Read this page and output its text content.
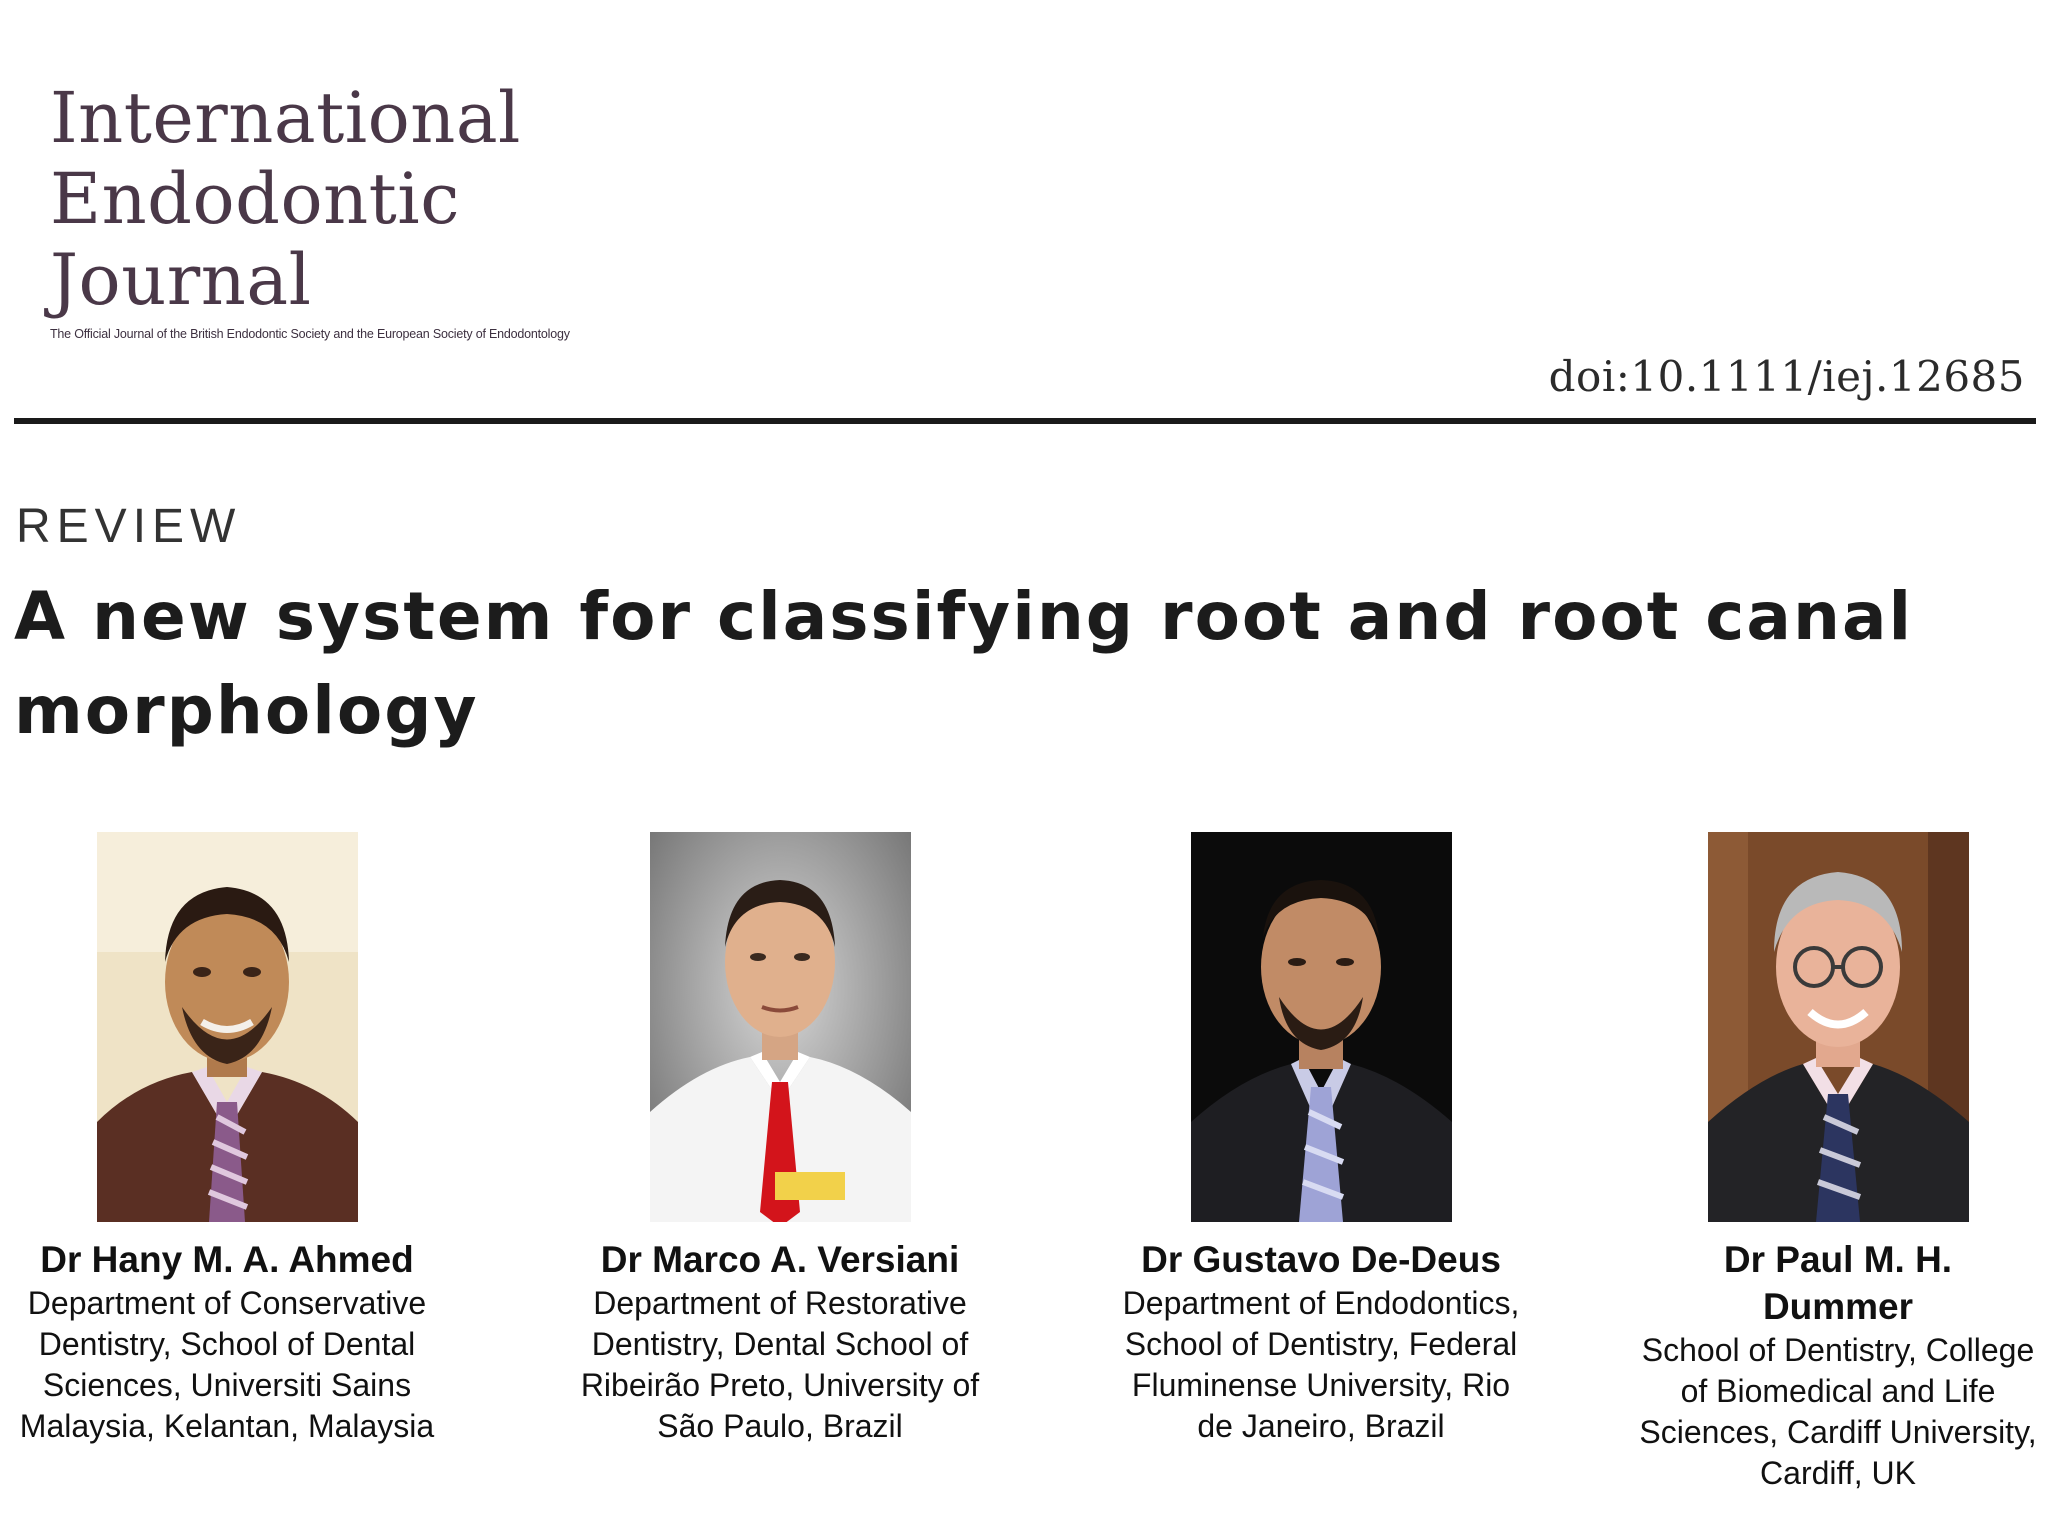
International
Endodontic
Journal
The Official Journal of the British Endodontic Society and the European Society of Endodontology
doi:10.1111/iej.12685
REVIEW
A new system for classifying root and root canal morphology
Dr Hany M. A. Ahmed
Department of Conservative Dentistry, School of Dental Sciences, Universiti Sains Malaysia, Kelantan, Malaysia
Dr Marco A. Versiani
Department of Restorative Dentistry, Dental School of Ribeirão Preto, University of São Paulo, Brazil
Dr Gustavo De-Deus
Department of Endodontics, School of Dentistry, Federal Fluminense University, Rio de Janeiro, Brazil
Dr Paul M. H. Dummer
School of Dentistry, College of Biomedical and Life Sciences, Cardiff University, Cardiff, UK
